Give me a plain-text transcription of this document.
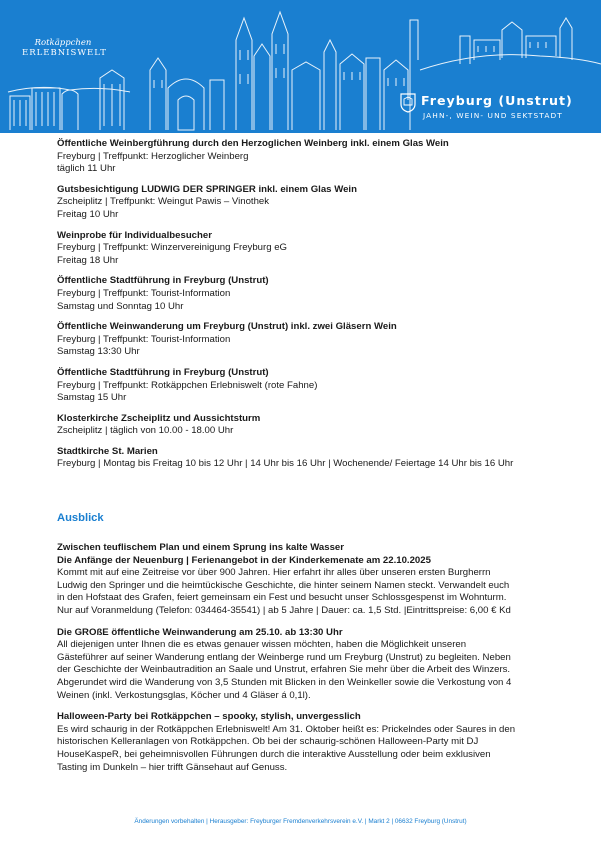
Rotkäppchen
ERLEBNISWELT
Freyburg (Unstrut)
JAHN-, WEIN- UND SEKTSTADT

Öffentliche Weinbergführung durch den Herzoglichen Weinberg inkl. einem Glas Wein

Freyburg | Treffpunkt: Herzoglicher Weinberg

täglich 11 Uhr

Gutsbesichtigung LUDWIG DER SPRINGER inkl. einem Glas Wein

Zscheiplitz | Treffpunkt: Weingut Pawis – Vinothek

Freitag 10 Uhr

Weinprobe für Individualbesucher

Freyburg | Treffpunkt: Winzervereinigung Freyburg eG

Freitag 18 Uhr

Öffentliche Stadtführung in Freyburg (Unstrut)

Freyburg | Treffpunkt: Tourist-Information

Samstag und Sonntag 10 Uhr

Öffentliche Weinwanderung um Freyburg (Unstrut) inkl. zwei Gläsern Wein

Freyburg | Treffpunkt: Tourist-Information

Samstag 13:30 Uhr

Öffentliche Stadtführung in Freyburg (Unstrut)

Freyburg | Treffpunkt: Rotkäppchen Erlebniswelt (rote Fahne)

Samstag 15 Uhr

Klosterkirche Zscheiplitz und Aussichtsturm

Zscheiplitz | täglich von 10.00 - 18.00 Uhr

Stadtkirche St. Marien

Freyburg | Montag bis Freitag 10 bis 12 Uhr | 14 Uhr bis 16 Uhr | Wochenende/ Feiertage 14 Uhr bis 16 Uhr

Ausblick

Zwischen teuflischem Plan und einem Sprung ins kalte Wasser

Die Anfänge der Neuenburg | Ferienangebot in der Kinderkemenate am 22.10.2025

Kommt mit auf eine Zeitreise vor über 900 Jahren. Hier erfahrt ihr alles über unseren ersten Burgherrn

Ludwig den Springer und die heimtückische Geschichte, die hinter seinem Namen steckt. Verwandelt euch

in den Hofstaat des Grafen, feiert gemeinsam ein Fest und besucht unser Schlossgespenst im Wohnturm.

Nur auf Voranmeldung (Telefon: 034464-35541) | ab 5 Jahre | Dauer: ca. 1,5 Std. |Eintrittspreise: 6,00 € Kd

Die GROßE öffentliche Weinwanderung am 25.10. ab 13:30 Uhr

All diejenigen unter Ihnen die es etwas genauer wissen möchten, haben die Möglichkeit unseren

Gästeführer auf seiner Wanderung entlang der Weinberge rund um Freyburg (Unstrut) zu begleiten. Neben

der Geschichte der Weinbautradition an Saale und Unstrut, erfahren Sie mehr über die Arbeit des Winzers.

Abgerundet wird die Wanderung von 3,5 Stunden mit Blicken in den Weinkeller sowie die Verkostung von 4

Weinen (inkl. Verkostungsglas, Köcher und 4 Gläser á 0,1l).

Halloween-Party bei Rotkäppchen – spooky, stylish, unvergesslich

Es wird schaurig in der Rotkäppchen Erlebniswelt! Am 31. Oktober heißt es: Prickelndes oder Saures in den

historischen Kelleranlagen von Rotkäppchen. Ob bei der schaurig-schönen Halloween-Party mit DJ

HouseKaspeR, bei geheimnisvollen Führungen durch die interaktive Ausstellung oder beim exklusiven

Tasting im Dunkeln – hier trifft Gänsehaut auf Genuss.

Änderungen vorbehalten | Herausgeber: Freyburger Fremdenverkehrsverein e.V. | Markt 2 | 06632 Freyburg (Unstrut)
